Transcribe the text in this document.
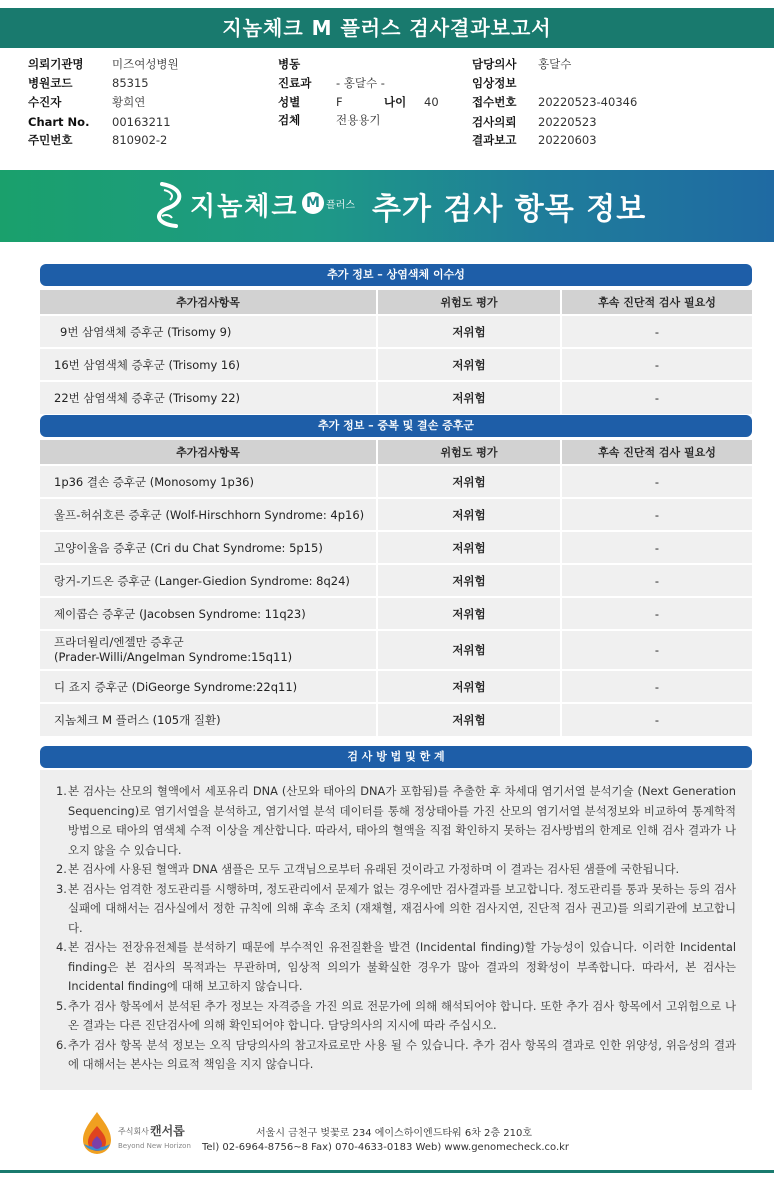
지놈체크 M 플러스 검사결과보고서
의뢰기관명 미즈여성병원
병원코드	85315
수진자	황희연
Chart No. 00163211
주민번호	810902-2
병동
진료과 - 홍달수 -
성별	F	나이 40
검체	전용용기
담당의사 홍달수
임상정보
접수번호 20220523-40346
검사의뢰 20220523
결과보고 20220603
지놈체크 M 플러스 추가 검사 항목 정보
추가 정보 – 상염색체 이수성
추가검사항목	위험도 평가	후속 진단적 검사 필요성
9번 삼염색체 증후군 (Trisomy 9)	저위험	-
16번 삼염색체 증후군 (Trisomy 16)	저위험	-
22번 삼염색체 증후군 (Trisomy 22)	저위험	-
추가 정보 – 중복 및 결손 증후군
추가검사항목	위험도 평가	후속 진단적 검사 필요성
1p36 결손 증후군 (Monosomy 1p36)	저위험	-
울프-허쉬호른 증후군 (Wolf-Hirschhorn Syndrome: 4p16)	저위험	-
고양이울음 증후군 (Cri du Chat Syndrome: 5p15)	저위험	-
랑거-기드온 증후군 (Langer-Giedion Syndrome: 8q24)	저위험	-
제이콥슨 증후군 (Jacobsen Syndrome: 11q23)	저위험	-

프라더윌리/엔젤만 증후군
(Prader-Willi/Angelman Syndrome:15q11)	저위험	-
디 죠지 증후군 (DiGeorge Syndrome:22q11)	저위험	-
지놈체크 M 플러스 (105개 질환)	저위험	-
검 사 방 법 및 한 계
1. 본 검사는 산모의 혈액에서 세포유리 DNA (산모와 태아의 DNA가 포함됨)를 추출한 후 차세대 염기서열 분석기술 (Next Generation Sequencing)로 염기서열을 분석하고, 염기서열 분석 데이터를 통해 정상태아를 가진 산모의 염기서열 분석정보와 비교하여 통계학적 방법으로 태아의 염색체 수적 이상을 계산합니다. 따라서, 태아의 혈액을 직접 확인하지 못하는 검사방법의 한계로 인해 검사 결과가 나오지 않을 수 있습니다.
2. 본 검사에 사용된 혈액과 DNA 샘플은 모두 고객님으로부터 유래된 것이라고 가정하며 이 결과는 검사된 샘플에 국한됩니다.
3. 본 검사는 엄격한 정도관리를 시행하며, 정도관리에서 문제가 없는 경우에만 검사결과를 보고합니다. 정도관리를 통과 못하는 등의 검사실패에 대해서는 검사실에서 정한 규칙에 의해 후속 조치 (재채혈, 재검사에 의한 검사지연, 진단적 검사 권고)를 의뢰기관에 보고합니다.
4. 본 검사는 전장유전체를 분석하기 때문에 부수적인 유전질환을 발견 (Incidental finding)할 가능성이 있습니다. 이러한 Incidental finding은 본 검사의 목적과는 무관하며, 임상적 의의가 불확실한 경우가 많아 결과의 정확성이 부족합니다. 따라서, 본 검사는 Incidental finding에 대해 보고하지 않습니다.
5. 추가 검사 항목에서 분석된 추가 정보는 자격증을 가진 의료 전문가에 의해 해석되어야 합니다. 또한 추가 검사 항목에서 고위험으로 나온 결과는 다른 진단검사에 의해 확인되어야 합니다. 담당의사의 지시에 따라 주십시오.
6. 추가 검사 항목 분석 정보는 오직 담당의사의 참고자료로만 사용 될 수 있습니다. 추가 검사 항목의 결과로 인한 위양성, 위음성의 결과에 대해서는 본사는 의료적 책임을 지지 않습니다.
주식회사 캔서롭
Beyond New Horizon
서울시 금천구 벚꽃로 234 에이스하이엔드타워 6차 2층 210호
Tel) 02-6964-8756~8 Fax) 070-4633-0183 Web) www.genomecheck.co.kr
